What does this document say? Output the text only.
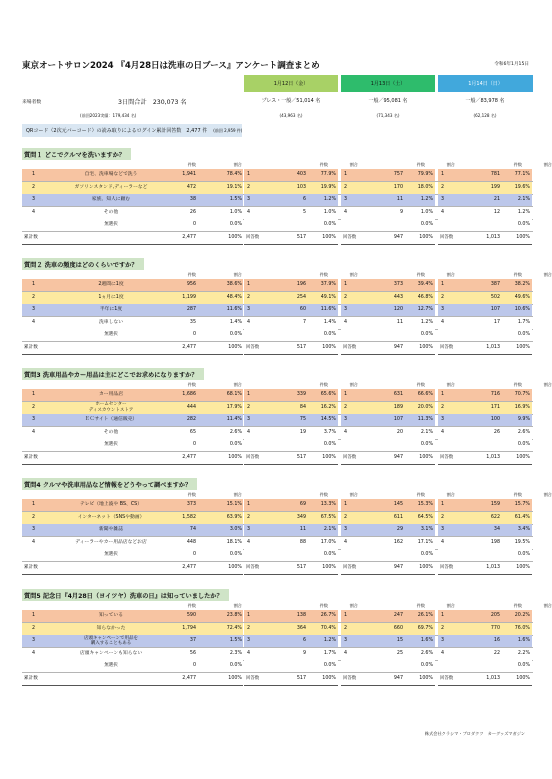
東京オートサロン2024 『4月28日は洗車の日ブース』アンケート調査まとめ	令和6年1月15日
1月12日（金）	1月13日（土）	1月14日（日）
来場者数	3日間合計　230,073 名	プレス・一般／51,014 名	一般／95,081 名	一般／83,978 名
(前回2023実績：179,434 名)	(43,963 名)	(71,343 名)	(62,128 名)
QRコード（2次元バーコード）の読み取りによるログイン累計回答数　2,477 件 (前回 2,959 件)
質問１ どこでクルマを洗いますか？
件数	割合	件数	割合	件数	割合	件数	割合
1	自宅、洗車場などで洗う	1,941	78.4% 1	403	77.9% 1	757	79.9% 1	781	77.1%
2	ガソリンスタンド,ディーラーなど	472	19.1% 2	103	19.9% 2	170	18.0% 2	199	19.6%
3	家族、知人に頼む	38	1.5% 3	6	1.2% 3	11	1.2% 3	21	2.1%
4	その他	26	1.0% 4	5	1.0% 4	9	1.0% 4	12	1.2%
無選択	0	0.0%	0.0%	0.0%	0.0%
累計数	2,477	100% 回答数	517	100% 回答数	947	100% 回答数	1,013	100%
質問２ 洗車の頻度はどのくらいですか？
件数	割合	件数	割合	件数	割合	件数	割合
1	2週間に1度	956	38.6% 1	196	37.9% 1	373	39.4% 1	387	38.2%
2	1ヵ月に1度	1,199	48.4% 2	254	49.1% 2	443	46.8% 2	502	49.6%
3	半年に1度	287	11.6% 3	60	11.6% 3	120	12.7% 3	107	10.6%
4	洗車しない	35	1.4% 4	7	1.4% 4	11	1.2% 4	17	1.7%
無選択	0	0.0%	0.0%	0.0%	0.0%
累計数	2,477	100% 回答数	517	100% 回答数	947	100% 回答数	1,013	100%
質問3 洗車用品やカー用品は主にどこでお求めになりますか？
件数	割合	件数	割合	件数	割合	件数	割合
1	カー用品店	1,686	68.1% 1	339	65.6% 1	631	66.6% 1	716	70.7%
2	ホームセンター
ディスカウントストア
444	17.9% 2	84	16.2% 2	189	20.0% 2	171	16.9%
3	ＥＣサイト（通信販売）	282	11.4% 3	75	14.5% 3	107	11.3% 3	100	9.9%
4	その他	65	2.6% 4	19	3.7% 4	20	2.1% 4	26	2.6%
無選択	0	0.0%	0.0%	0.0%	0.0%
累計数	2,477	100% 回答数	517	100% 回答数	947	100% 回答数	1,013	100%
質問4 クルマや洗車用品など情報をどうやって調べますか？
件数	割合	件数	割合	件数	割合	件数	割合
1	テレビ（地上波や BS、CS）	373	15.1% 1	69	13.3% 1	145	15.3% 1	159	15.7%
2	インターネット（SNSや動画）	1,582	63.9% 2	349	67.5% 2	611	64.5% 2	622	61.4%
3	新聞や雑誌	74	3.0% 3	11	2.1% 3	29	3.1% 3	34	3.4%
4	ディーラーやカー用品店などお店	448	18.1% 4	88	17.0% 4	162	17.1% 4	198	19.5%
無選択	0	0.0%	0.0%	0.0%	0.0%
累計数	2,477	100% 回答数	517	100% 回答数	947	100% 回答数	1,013	100%
質問5 記念日『4月28日（ヨイツヤ）洗車の日』は知っていましたか？
件数	割合	件数	割合	件数	割合	件数	割合
1	知っている	590	23.8% 1	138	26.7% 1	247	26.1% 1	205	20.2%
2	知らなかった	1,794	72.4% 2	364	70.4% 2	660	69.7% 2	770	76.0%
3	店頭キャンペーンで用品を
購入することもある
37	1.5% 3	6	1.2% 3	15	1.6% 3	16	1.6%
4	店頭キャンペーンも知らない	56	2.3% 4	9	1.7% 4	25	2.6% 4	22	2.2%
無選択	0	0.0%	0.0%	0.0%	0.0%
累計数	2,477	100% 回答数	517	100% 回答数	947	100% 回答数	1,013	100%
株式会社クラシマ・プロダクツ　カーグッズマガジン
